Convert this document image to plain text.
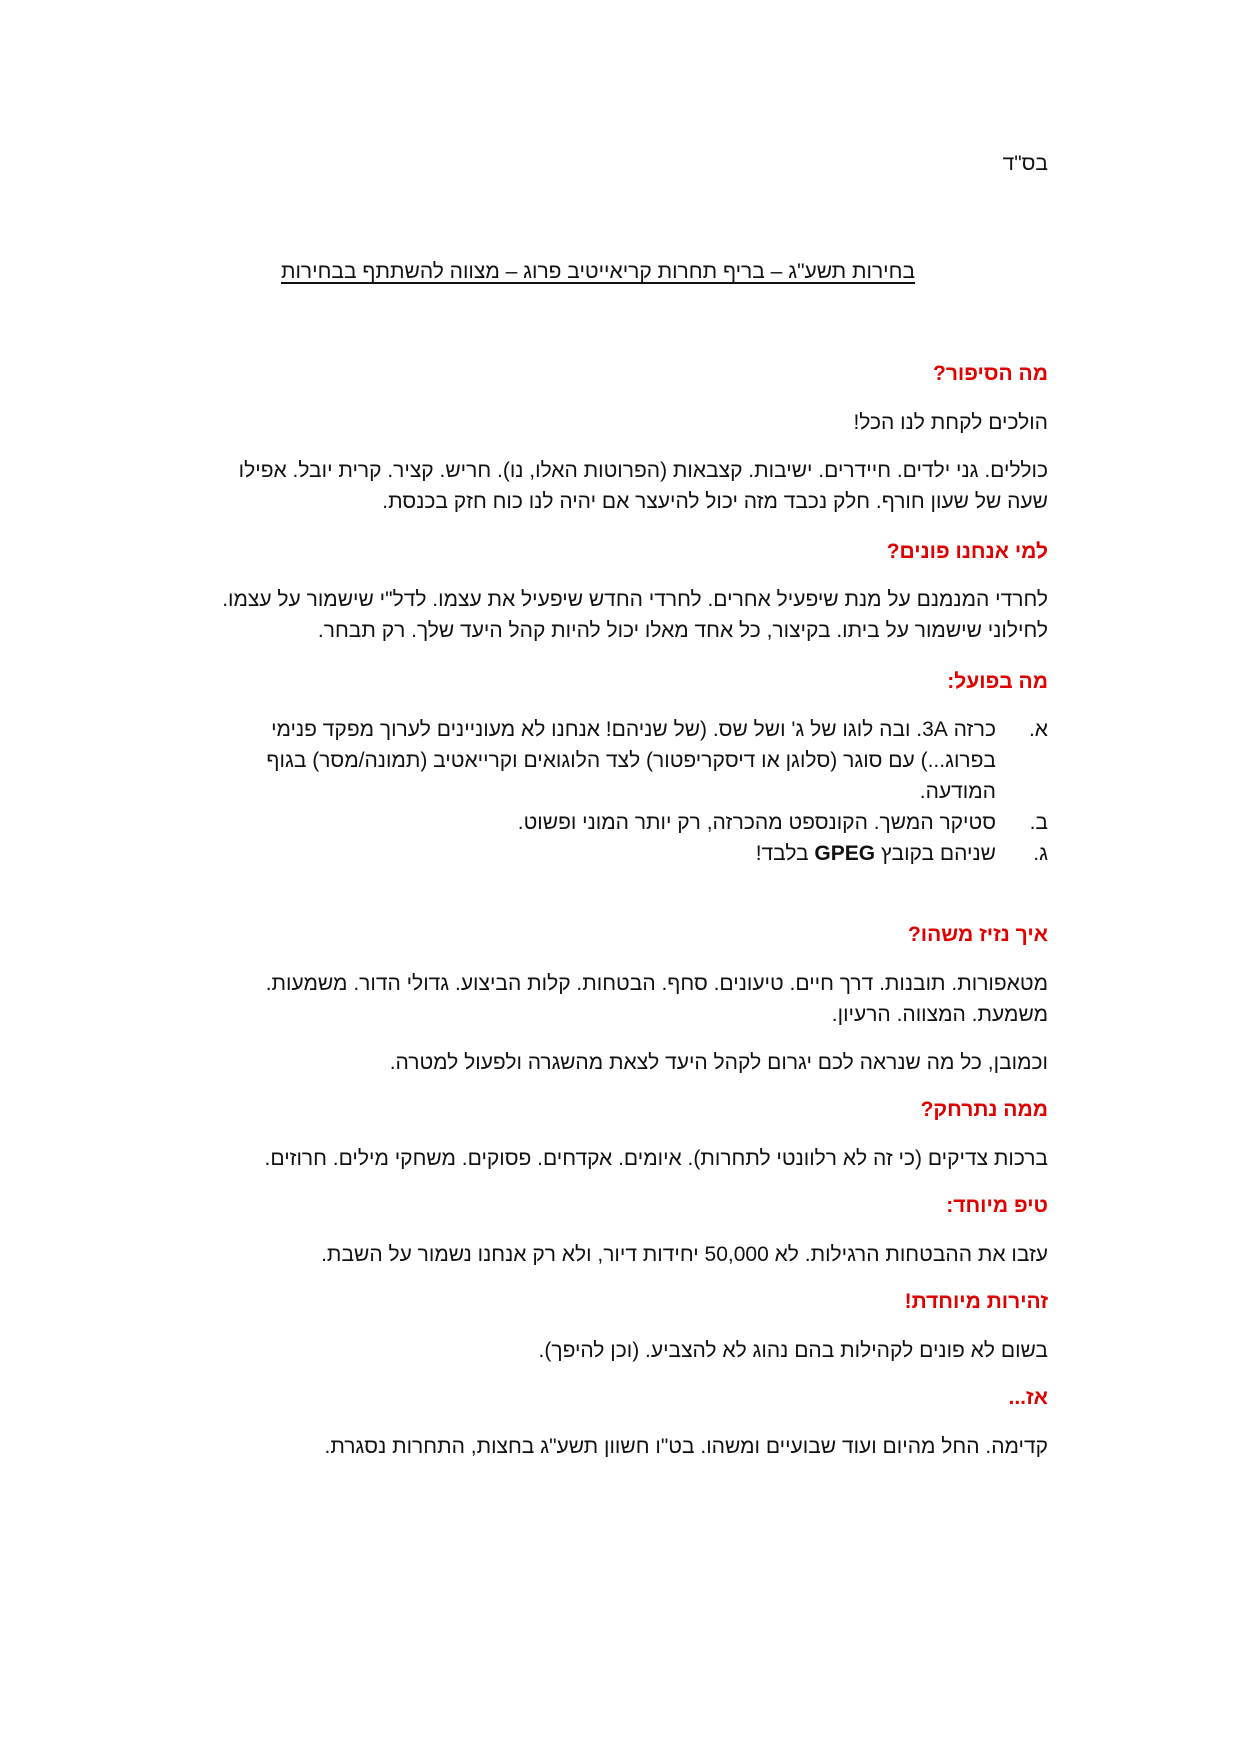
בס"ד

בחירות תשע"ג – בריף תחרות קריאייטיב פרוג – מצווה להשתתף בבחירות

מה הסיפור?

הולכים לקחת לנו הכל!

כוללים. גני ילדים. חיידרים. ישיבות. קצבאות (הפרוטות האלו, נו). חריש. קציר. קרית יובל. אפילו

שעה של שעון חורף. חלק נכבד מזה יכול להיעצר אם יהיה לנו כוח חזק בכנסת.

למי אנחנו פונים?

לחרדי המנמנם על מנת שיפעיל אחרים. לחרדי החדש שיפעיל את עצמו. לדל"י שישמור על עצמו.

לחילוני שישמור על ביתו. בקיצור, כל אחד מאלו יכול להיות קהל היעד שלך. רק תבחר.

מה בפועל:

א.
כרזה 3A. ובה לוגו של ג' ושל שס. (של שניהם! אנחנו לא מעוניינים לערוך מפקד פנימי
בפרוג...) עם סוגר (סלוגן או דיסקריפטור) לצד הלוגואים וקרייאטיב (תמונה/מסר) בגוף
המודעה.
ב.
סטיקר המשך. הקונספט מהכרזה, רק יותר המוני ופשוט.
ג.
שניהם בקובץ GPEG בלבד!

איך נזיז משהו?

מטאפורות. תובנות. דרך חיים. טיעונים. סחף. הבטחות. קלות הביצוע. גדולי הדור. משמעות.

משמעת. המצווה. הרעיון.

וכמובן, כל מה שנראה לכם יגרום לקהל היעד לצאת מהשגרה ולפעול למטרה.

ממה נתרחק?

ברכות צדיקים (כי זה לא רלוונטי לתחרות). איומים. אקדחים. פסוקים. משחקי מילים. חרוזים.

טיפ מיוחד:

עזבו את ההבטחות הרגילות. לא 50,000 יחידות דיור, ולא רק אנחנו נשמור על השבת.

זהירות מיוחדת!

בשום לא פונים לקהילות בהם נהוג לא להצביע. (וכן להיפך).

אז...

קדימה. החל מהיום ועוד שבועיים ומשהו. בט"ו חשוון תשע"ג בחצות, התחרות נסגרת.
